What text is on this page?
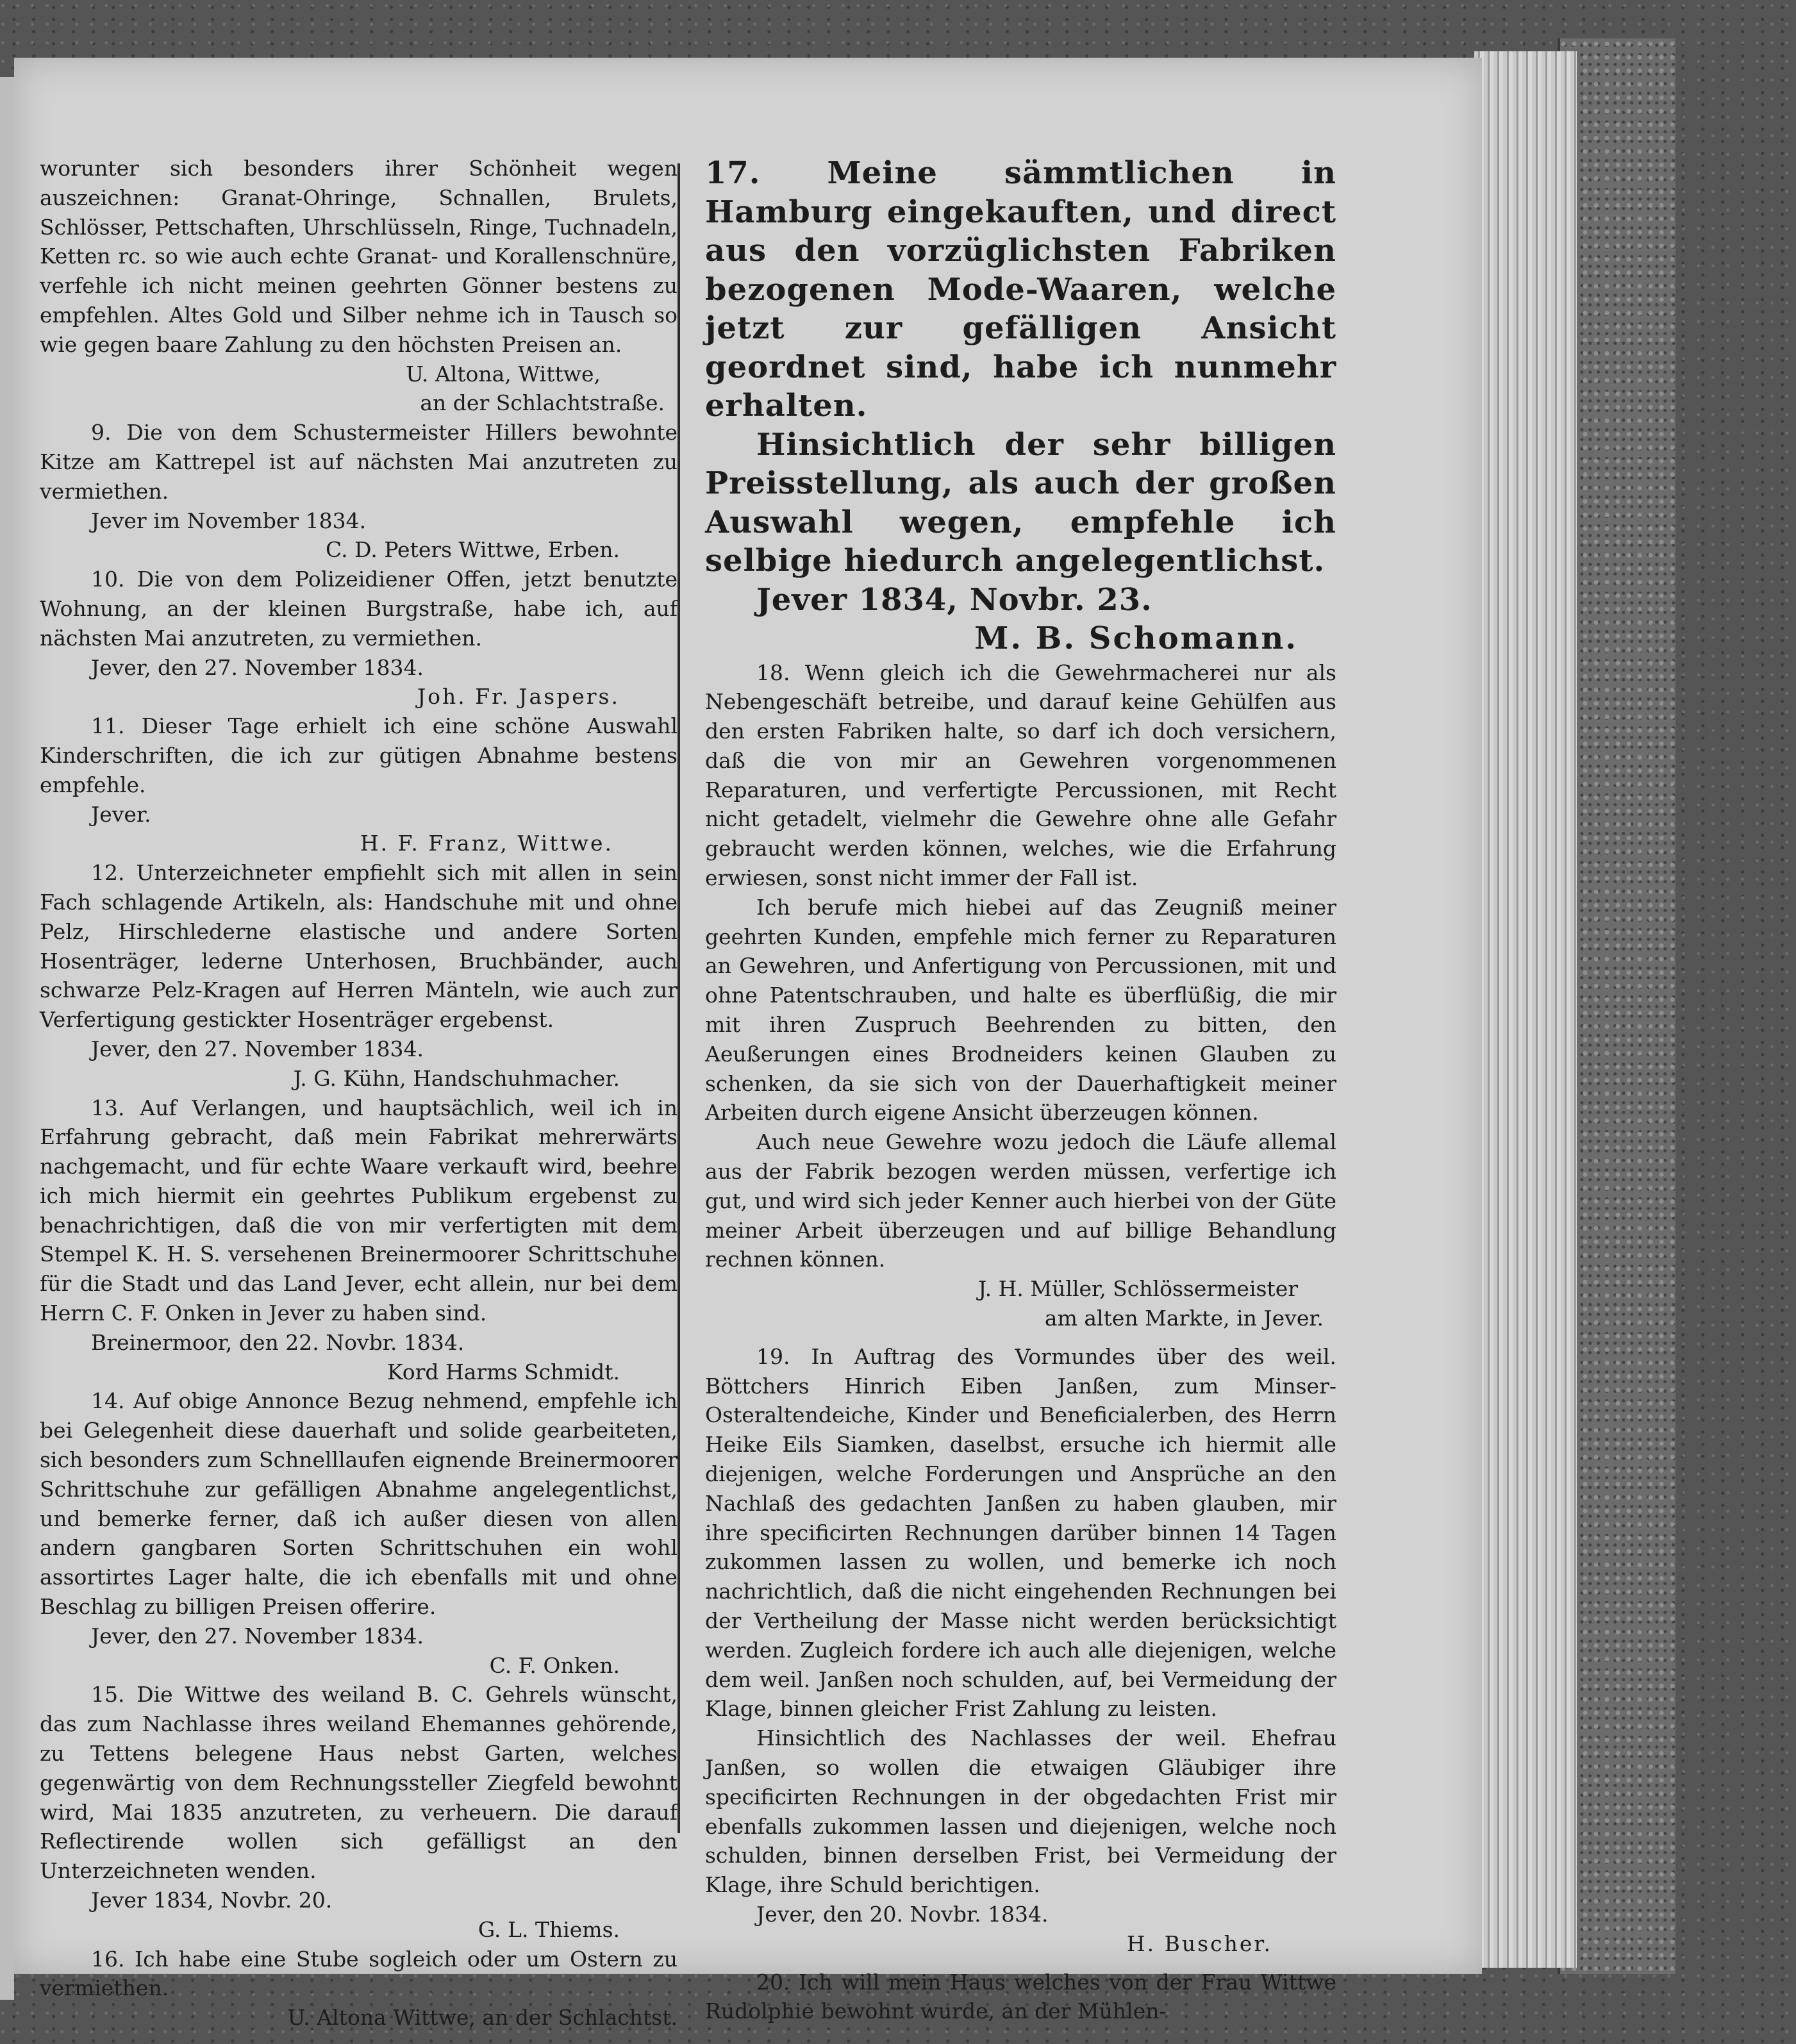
worunter sich besonders ihrer Schönheit wegen auszeichnen: Granat-Ohringe, Schnallen, Brulets, Schlösser, Pettschaften, Uhrschlüsseln, Ringe, Tuchnadeln, Ketten rc. so wie auch echte Granat- und Korallenschnüre, verfehle ich nicht meinen geehrten Gönner bestens zu empfehlen. Altes Gold und Silber nehme ich in Tausch so wie gegen baare Zahlung zu den höchsten Preisen an.

U. Altona, Wittwe,

an der Schlachtstraße.

9. Die von dem Schustermeister Hillers bewohnte Kitze am Kattrepel ist auf nächsten Mai anzutreten zu vermiethen.

Jever im November 1834.

C. D. Peters Wittwe, Erben.

10. Die von dem Polizeidiener Offen, jetzt benutzte Wohnung, an der kleinen Burgstraße, habe ich, auf nächsten Mai anzutreten, zu vermiethen.

Jever, den 27. November 1834.

Joh. Fr. Jaspers.

11. Dieser Tage erhielt ich eine schöne Auswahl Kinderschriften, die ich zur gütigen Abnahme bestens empfehle.

Jever.

H. F. Franz, Wittwe.

12. Unterzeichneter empfiehlt sich mit allen in sein Fach schlagende Artikeln, als: Handschuhe mit und ohne Pelz, Hirschlederne elastische und andere Sorten Hosenträger, lederne Unterhosen, Bruchbänder, auch schwarze Pelz-Kragen auf Herren Mänteln, wie auch zur Verfertigung gestickter Hosenträger ergebenst.

Jever, den 27. November 1834.

J. G. Kühn, Handschuhmacher.

13. Auf Verlangen, und hauptsächlich, weil ich in Erfahrung gebracht, daß mein Fabrikat mehrerwärts nachgemacht, und für echte Waare verkauft wird, beehre ich mich hiermit ein geehrtes Publikum ergebenst zu benachrichtigen, daß die von mir verfertigten mit dem Stempel K. H. S. versehenen Breinermoorer Schrittschuhe für die Stadt und das Land Jever, echt allein, nur bei dem Herrn C. F. Onken in Jever zu haben sind.

Breinermoor, den 22. Novbr. 1834.

Kord Harms Schmidt.

14. Auf obige Annonce Bezug nehmend, empfehle ich bei Gelegenheit diese dauerhaft und solide gearbeiteten, sich besonders zum Schnelllaufen eignende Breinermoorer Schrittschuhe zur gefälligen Abnahme angelegentlichst, und bemerke ferner, daß ich außer diesen von allen andern gangbaren Sorten Schrittschuhen ein wohl assortirtes Lager halte, die ich ebenfalls mit und ohne Beschlag zu billigen Preisen offerire.

Jever, den 27. November 1834.

C. F. Onken.

15. Die Wittwe des weiland B. C. Gehrels wünscht, das zum Nachlasse ihres weiland Ehemannes gehörende, zu Tettens belegene Haus nebst Garten, welches gegenwärtig von dem Rechnungssteller Ziegfeld bewohnt wird, Mai 1835 anzutreten, zu verheuern. Die darauf Reflectirende wollen sich gefälligst an den Unterzeichneten wenden.

Jever 1834, Novbr. 20.

G. L. Thiems.

16. Ich habe eine Stube sogleich oder um Ostern zu vermiethen.

U. Altona Wittwe, an der Schlachtst.

17. Meine sämmtlichen in Hamburg eingekauften, und direct aus den vorzüglichsten Fabriken bezogenen Mode-Waaren, welche jetzt zur gefälligen Ansicht geordnet sind, habe ich nunmehr erhalten.

Hinsichtlich der sehr billigen Preisstellung, als auch der großen Auswahl wegen, empfehle ich selbige hiedurch angelegentlichst.

Jever 1834, Novbr. 23.

M. B. Schomann.

18. Wenn gleich ich die Gewehrmacherei nur als Nebengeschäft betreibe, und darauf keine Gehülfen aus den ersten Fabriken halte, so darf ich doch versichern, daß die von mir an Gewehren vorgenommenen Reparaturen, und verfertigte Percussionen, mit Recht nicht getadelt, vielmehr die Gewehre ohne alle Gefahr gebraucht werden können, welches, wie die Erfahrung erwiesen, sonst nicht immer der Fall ist.

Ich berufe mich hiebei auf das Zeugniß meiner geehrten Kunden, empfehle mich ferner zu Reparaturen an Gewehren, und Anfertigung von Percussionen, mit und ohne Patentschrauben, und halte es überflüßig, die mir mit ihren Zuspruch Beehrenden zu bitten, den Aeußerungen eines Brodneiders keinen Glauben zu schenken, da sie sich von der Dauerhaftigkeit meiner Arbeiten durch eigene Ansicht überzeugen können.

Auch neue Gewehre wozu jedoch die Läufe allemal aus der Fabrik bezogen werden müssen, verfertige ich gut, und wird sich jeder Kenner auch hierbei von der Güte meiner Arbeit überzeugen und auf billige Behandlung rechnen können.

J. H. Müller, Schlössermeister

am alten Markte, in Jever.

19. In Auftrag des Vormundes über des weil. Böttchers Hinrich Eiben Janßen, zum Minser-Osteraltendeiche, Kinder und Beneficialerben, des Herrn Heike Eils Siamken, daselbst, ersuche ich hiermit alle diejenigen, welche Forderungen und Ansprüche an den Nachlaß des gedachten Janßen zu haben glauben, mir ihre specificirten Rechnungen darüber binnen 14 Tagen zukommen lassen zu wollen, und bemerke ich noch nachrichtlich, daß die nicht eingehenden Rechnungen bei der Vertheilung der Masse nicht werden berücksichtigt werden. Zugleich fordere ich auch alle diejenigen, welche dem weil. Janßen noch schulden, auf, bei Vermeidung der Klage, binnen gleicher Frist Zahlung zu leisten.

Hinsichtlich des Nachlasses der weil. Ehefrau Janßen, so wollen die etwaigen Gläubiger ihre specificirten Rechnungen in der obgedachten Frist mir ebenfalls zukommen lassen und diejenigen, welche noch schulden, binnen derselben Frist, bei Vermeidung der Klage, ihre Schuld berichtigen.

Jever, den 20. Novbr. 1834.

H. Buscher.

20. Ich will mein Haus welches von der Frau Wittwe Rudolphie bewohnt wurde, an der Mühlen-
